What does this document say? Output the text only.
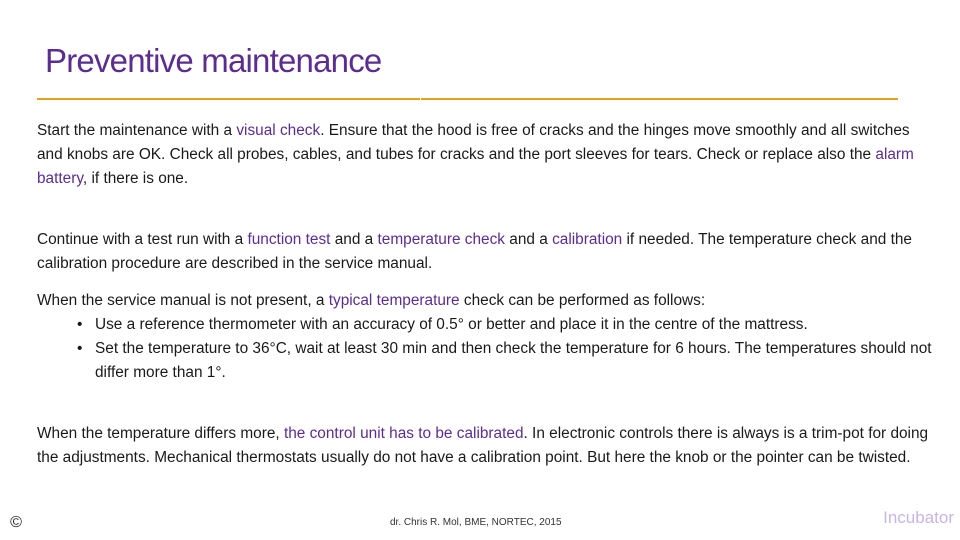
Preventive maintenance
Start the maintenance with a visual check. Ensure that the hood is free of cracks and the hinges move smoothly and all switches and knobs are OK. Check all probes, cables, and tubes for cracks and the port sleeves for tears. Check or replace also the alarm battery, if there is one.
Continue with a test run with a function test and a temperature check and a calibration if needed. The temperature check and the calibration procedure are described in the service manual.
When the service manual is not present, a typical temperature check can be performed as follows:
• Use a reference thermometer with an accuracy of 0.5° or better and place it in the centre of the mattress.
• Set the temperature to 36°C, wait at least 30 min and then check the temperature for 6 hours. The temperatures should not differ more than 1°.
When the temperature differs more, the control unit has to be calibrated. In electronic controls there is always is a trim-pot for doing the adjustments. Mechanical thermostats usually do not have a calibration point. But here the knob or the pointer can be twisted.
©	dr. Chris R. Mol, BME, NORTEC, 2015	Incubator
